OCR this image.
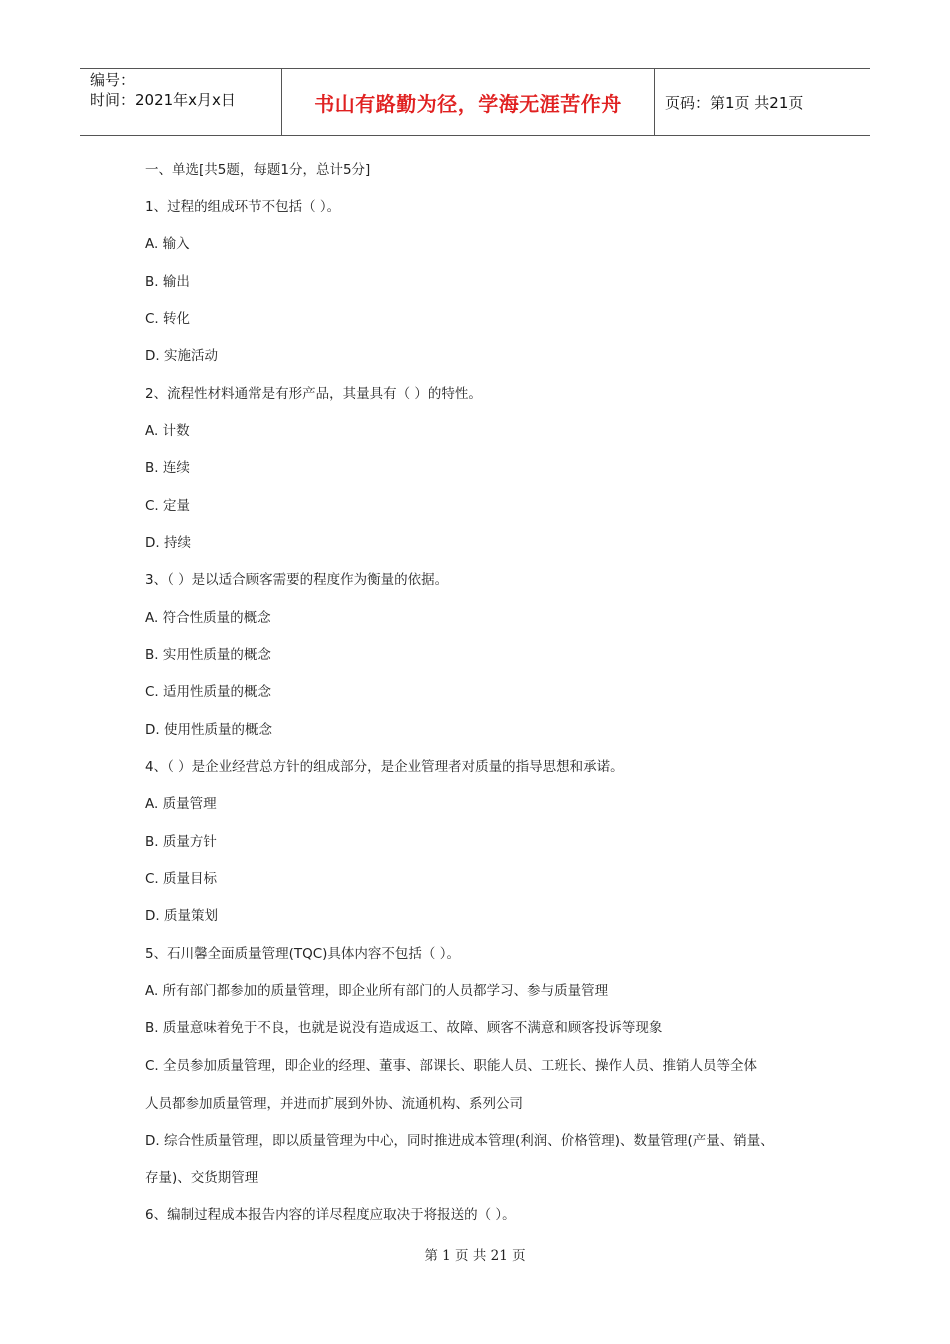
编号：
时间：2021年x月x日	书山有路勤为径，学海无涯苦作舟	页码：第1页 共21页
一、单选[共5题，每题1分，总计5分]
1、过程的组成环节不包括（ ）。
A. 输入
B. 输出
C. 转化
D. 实施活动
2、流程性材料通常是有形产品，其量具有（ ）的特性。
A. 计数
B. 连续
C. 定量
D. 持续
3、（ ）是以适合顾客需要的程度作为衡量的依据。
A. 符合性质量的概念
B. 实用性质量的概念
C. 适用性质量的概念
D. 使用性质量的概念
4、（ ）是企业经营总方针的组成部分，是企业管理者对质量的指导思想和承诺。
A. 质量管理
B. 质量方针
C. 质量目标
D. 质量策划
5、石川馨全面质量管理(TQC)具体内容不包括（ ）。
A. 所有部门都参加的质量管理，即企业所有部门的人员都学习、参与质量管理
B. 质量意味着免于不良，也就是说没有造成返工、故障、顾客不满意和顾客投诉等现象
C. 全员参加质量管理，即企业的经理、董事、部课长、职能人员、工班长、操作人员、推销人员等全体
人员都参加质量管理，并进而扩展到外协、流通机构、系列公司
D. 综合性质量管理，即以质量管理为中心，同时推进成本管理(利润、价格管理)、数量管理(产量、销量、
存量)、交货期管理
6、编制过程成本报告内容的详尽程度应取决于将报送的（ ）。
第 1 页 共 21 页
